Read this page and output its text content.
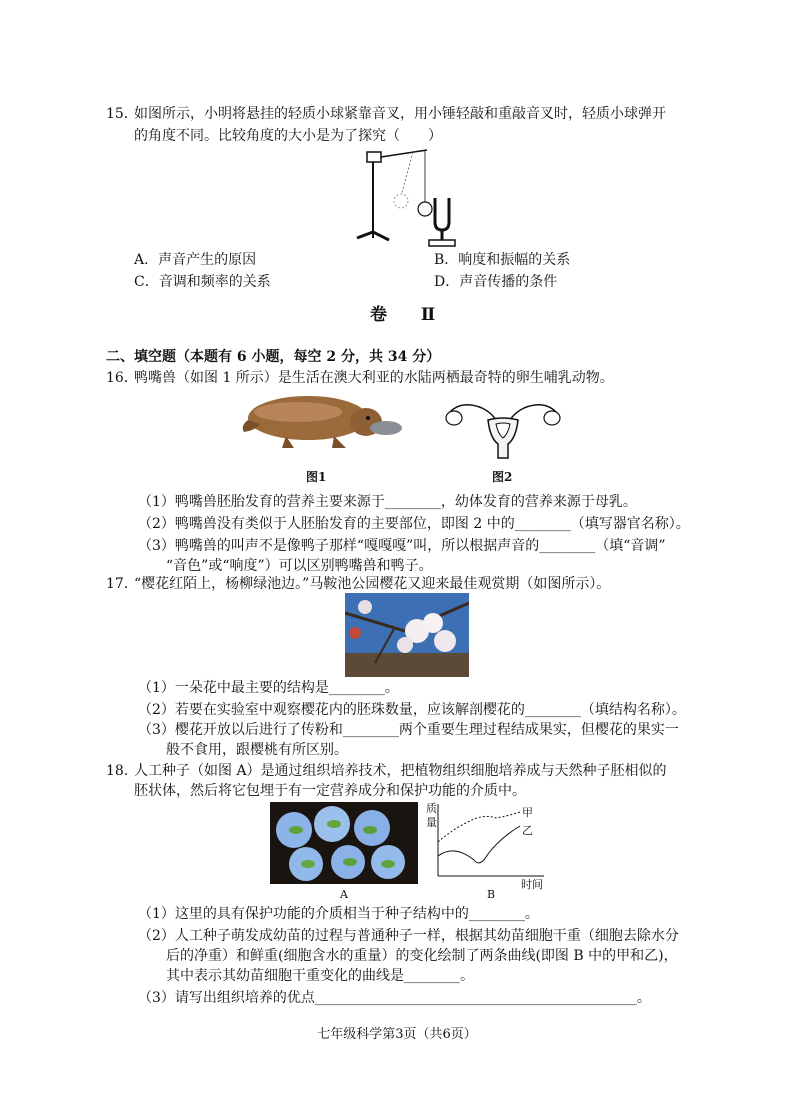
15．
如图所示，小明将悬挂的轻质小球紧靠音叉，用小锤轻敲和重敲音叉时，轻质小球弹开
的角度不同。比较角度的大小是为了探究（　　）
A．声音产生的原因	B．响度和振幅的关系
C．音调和频率的关系	D．声音传播的条件
卷 Ⅱ
二、填空题（本题有 6 小题，每空 2 分，共 34 分）
16．
鸭嘴兽（如图 1 所示）是生活在澳大利亚的水陆两栖最奇特的卵生哺乳动物。
图1	图2
（1）鸭嘴兽胚胎发育的营养主要来源于________，幼体发育的营养来源于母乳。
（2）鸭嘴兽没有类似于人胚胎发育的主要部位，即图 2 中的________（填写器官名称）。
（3）鸭嘴兽的叫声不是像鸭子那样“嘎嘎嘎”叫，所以根据声音的________（填“音调”
“音色”或“响度”）可以区别鸭嘴兽和鸭子。
17．
“樱花红陌上，杨柳绿池边。”马鞍池公园樱花又迎来最佳观赏期（如图所示）。
（1）一朵花中最主要的结构是________。
（2）若要在实验室中观察樱花内的胚珠数量，应该解剖樱花的________（填结构名称）。
（3）樱花开放以后进行了传粉和________两个重要生理过程结成果实，但樱花的果实一
般不食用，跟樱桃有所区别。
18．
人工种子（如图 A）是通过组织培养技术，把植物组织细胞培养成与天然种子胚相似的
胚状体，然后将它包埋于有一定营养成分和保护功能的介质中。
A
质
量
甲
乙
时间
B
（1）这里的具有保护功能的介质相当于种子结构中的________。
（2）人工种子萌发成幼苗的过程与普通种子一样，根据其幼苗细胞干重（细胞去除水分
后的净重）和鲜重(细胞含水的重量）的变化绘制了两条曲线(即图 B 中的甲和乙)，
其中表示其幼苗细胞干重变化的曲线是________。
（3）请写出组织培养的优点______________________________________________。
七年级科学第3页（共6页）
